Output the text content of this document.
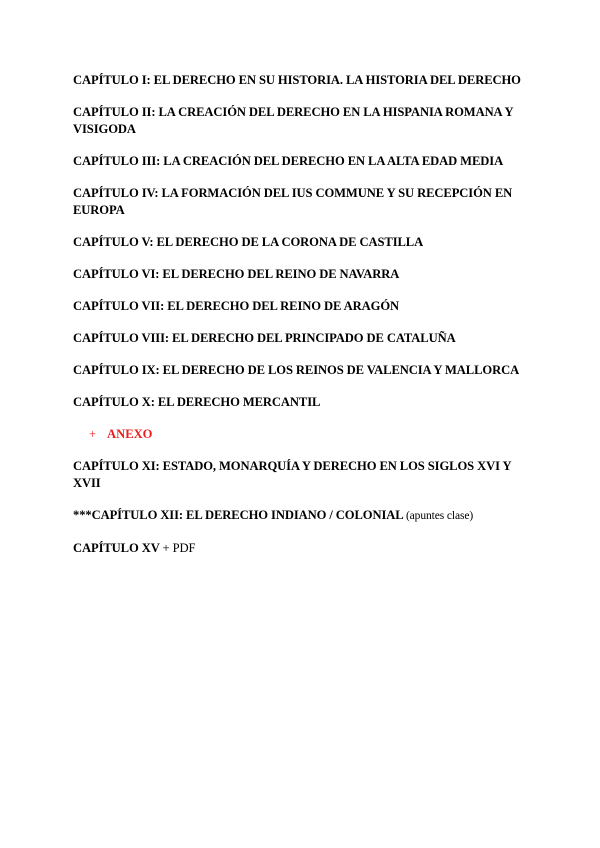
CAPÍTULO I: EL DERECHO EN SU HISTORIA. LA HISTORIA DEL DERECHO
CAPÍTULO II: LA CREACIÓN DEL DERECHO EN LA HISPANIA ROMANA Y VISIGODA
CAPÍTULO III: LA CREACIÓN DEL DERECHO EN LA ALTA EDAD MEDIA
CAPÍTULO IV: LA FORMACIÓN DEL IUS COMMUNE Y SU RECEPCIÓN EN EUROPA
CAPÍTULO V: EL DERECHO DE LA CORONA DE CASTILLA
CAPÍTULO VI: EL DERECHO DEL REINO DE NAVARRA
CAPÍTULO VII: EL DERECHO DEL REINO DE ARAGÓN
CAPÍTULO VIII: EL DERECHO DEL PRINCIPADO DE CATALUÑA
CAPÍTULO IX: EL DERECHO DE LOS REINOS DE VALENCIA Y MALLORCA
CAPÍTULO X: EL DERECHO MERCANTIL
+ ANEXO
CAPÍTULO XI: ESTADO, MONARQUÍA Y DERECHO EN LOS SIGLOS XVI Y XVII
***CAPÍTULO XII: EL DERECHO INDIANO / COLONIAL (apuntes clase)
CAPÍTULO XV + PDF
